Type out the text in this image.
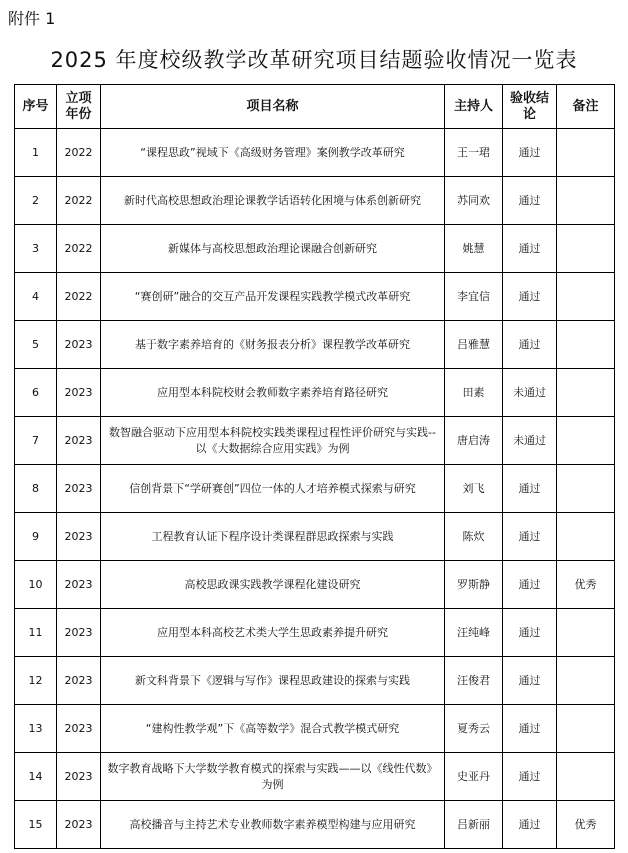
附件 1
2025 年度校级教学改革研究项目结题验收情况一览表
序号	立项年份	项目名称	主持人	验收结论	备注
1	2022	“课程思政”视域下《高级财务管理》案例教学改革研究	王一珺	通过	
2	2022	新时代高校思想政治理论课教学话语转化困境与体系创新研究	苏同欢	通过	
3	2022	新媒体与高校思想政治理论课融合创新研究	姚慧	通过	
4	2022	“赛创研”融合的交互产品开发课程实践教学模式改革研究	李宜信	通过	
5	2023	基于数字素养培育的《财务报表分析》课程教学改革研究	吕雅慧	通过	
6	2023	应用型本科院校财会教师数字素养培育路径研究	田素	未通过	
7	2023	数智融合驱动下应用型本科院校实践类课程过程性评价研究与实践--以《大数据综合应用实践》为例	唐启涛	未通过	
8	2023	信创背景下“学研赛创”四位一体的人才培养模式探索与研究	刘飞	通过	
9	2023	工程教育认证下程序设计类课程群思政探索与实践	陈炊	通过	
10	2023	高校思政课实践教学课程化建设研究	罗斯静	通过	优秀
11	2023	应用型本科高校艺术类大学生思政素养提升研究	汪纯峰	通过	
12	2023	新文科背景下《逻辑与写作》课程思政建设的探索与实践	汪俊君	通过	
13	2023	“建构性教学观”下《高等数学》混合式教学模式研究	夏秀云	通过	
14	2023	数字教育战略下大学数学教育模式的探索与实践——以《线性代数》为例	史亚丹	通过	
15	2023	高校播音与主持艺术专业教师数字素养模型构建与应用研究	吕新丽	通过	优秀
